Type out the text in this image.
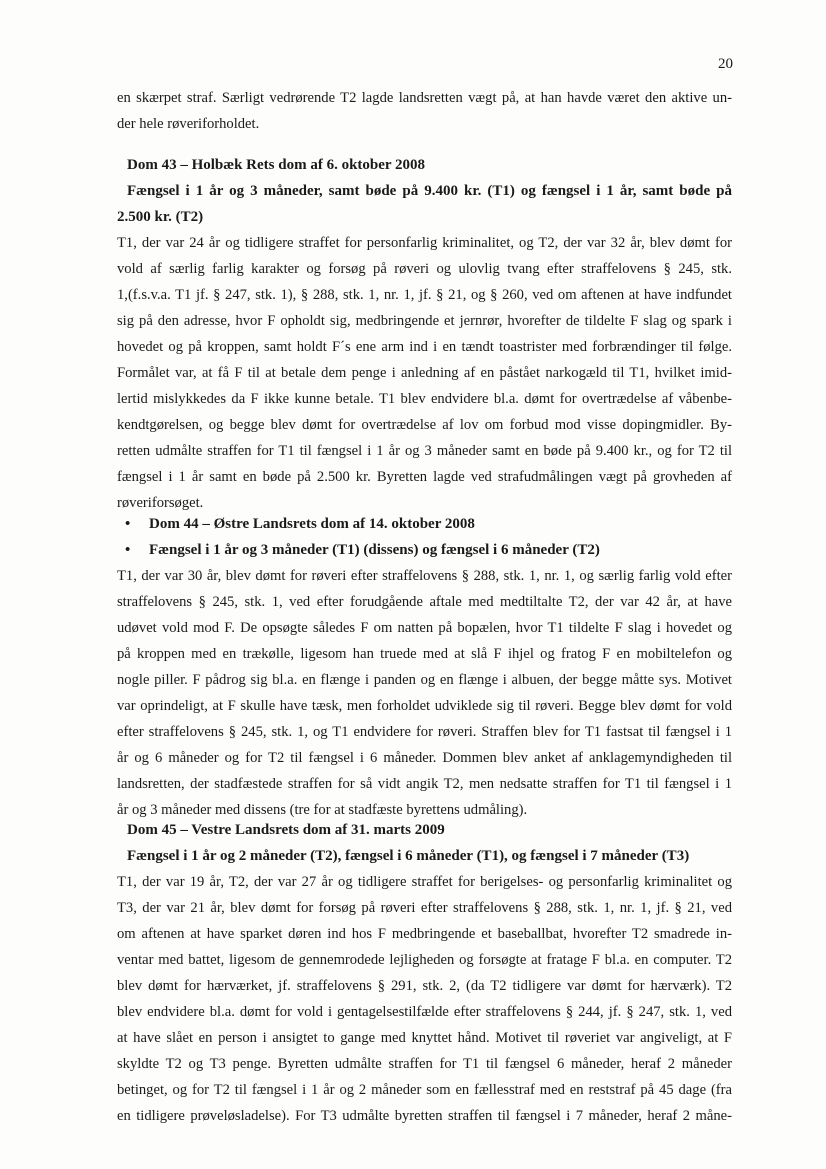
20
en skærpet straf. Særligt vedrørende T2 lagde landsretten vægt på, at han havde været den aktive un-
der hele røveriforholdet.
Dom 43 – Holbæk Rets dom af 6. oktober 2008
Fængsel i 1 år og 3 måneder, samt bøde på 9.400 kr. (T1) og fængsel i 1 år, samt bøde på
2.500 kr. (T2)
T1, der var 24 år og tidligere straffet for personfarlig kriminalitet, og T2, der var 32 år, blev dømt for
vold af særlig farlig karakter og forsøg på røveri og ulovlig tvang efter straffelovens § 245, stk.
1,(f.s.v.a. T1 jf. § 247, stk. 1), § 288, stk. 1, nr. 1, jf. § 21, og § 260, ved om aftenen at have indfundet
sig på den adresse, hvor F opholdt sig, medbringende et jernrør, hvorefter de tildelte F slag og spark i
hovedet og på kroppen, samt holdt F´s ene arm ind i en tændt toastrister med forbrændinger til følge.
Formålet var, at få F til at betale dem penge i anledning af en påstået narkogæld til T1, hvilket imid-
lertid mislykkedes da F ikke kunne betale. T1 blev endvidere bl.a. dømt for overtrædelse af våbenbe-
kendtgørelsen, og begge blev dømt for overtrædelse af lov om forbud mod visse dopingmidler. By-
retten udmålte straffen for T1 til fængsel i 1 år og 3 måneder samt en bøde på 9.400 kr., og for T2 til
fængsel i 1 år samt en bøde på 2.500 kr. Byretten lagde ved strafudmålingen vægt på grovheden af
røveriforsøget.
• Dom 44 – Østre Landsrets dom af 14. oktober 2008
• Fængsel i 1 år og 3 måneder (T1) (dissens) og fængsel i 6 måneder (T2)
T1, der var 30 år, blev dømt for røveri efter straffelovens § 288, stk. 1, nr. 1, og særlig farlig vold efter
straffelovens § 245, stk. 1, ved efter forudgående aftale med medtiltalte T2, der var 42 år, at have
udøvet vold mod F. De opsøgte således F om natten på bopælen, hvor T1 tildelte F slag i hovedet og
på kroppen med en trækølle, ligesom han truede med at slå F ihjel og fratog F en mobiltelefon og
nogle piller. F pådrog sig bl.a. en flænge i panden og en flænge i albuen, der begge måtte sys. Motivet
var oprindeligt, at F skulle have tæsk, men forholdet udviklede sig til røveri. Begge blev dømt for vold
efter straffelovens § 245, stk. 1, og T1 endvidere for røveri. Straffen blev for T1 fastsat til fængsel i 1
år og 6 måneder og for T2 til fængsel i 6 måneder. Dommen blev anket af anklagemyndigheden til
landsretten, der stadfæstede straffen for så vidt angik T2, men nedsatte straffen for T1 til fængsel i 1
år og 3 måneder med dissens (tre for at stadfæste byrettens udmåling).
Dom 45 – Vestre Landsrets dom af 31. marts 2009
Fængsel i 1 år og 2 måneder (T2), fængsel i 6 måneder (T1), og fængsel i 7 måneder (T3)
T1, der var 19 år, T2, der var 27 år og tidligere straffet for berigelses- og personfarlig kriminalitet og
T3, der var 21 år, blev dømt for forsøg på røveri efter straffelovens § 288, stk. 1, nr. 1, jf. § 21, ved
om aftenen at have sparket døren ind hos F medbringende et baseballbat, hvorefter T2 smadrede in-
ventar med battet, ligesom de gennemrodede lejligheden og forsøgte at fratage F bl.a. en computer. T2
blev dømt for hærværket, jf. straffelovens § 291, stk. 2, (da T2 tidligere var dømt for hærværk). T2
blev endvidere bl.a. dømt for vold i gentagelsestilfælde efter straffelovens § 244, jf. § 247, stk. 1, ved
at have slået en person i ansigtet to gange med knyttet hånd. Motivet til røveriet var angiveligt, at F
skyldte T2 og T3 penge. Byretten udmålte straffen for T1 til fængsel 6 måneder, heraf 2 måneder
betinget, og for T2 til fængsel i 1 år og 2 måneder som en fællesstraf med en reststraf på 45 dage (fra
en tidligere prøveløsladelse). For T3 udmålte byretten straffen til fængsel i 7 måneder, heraf 2 måne-
